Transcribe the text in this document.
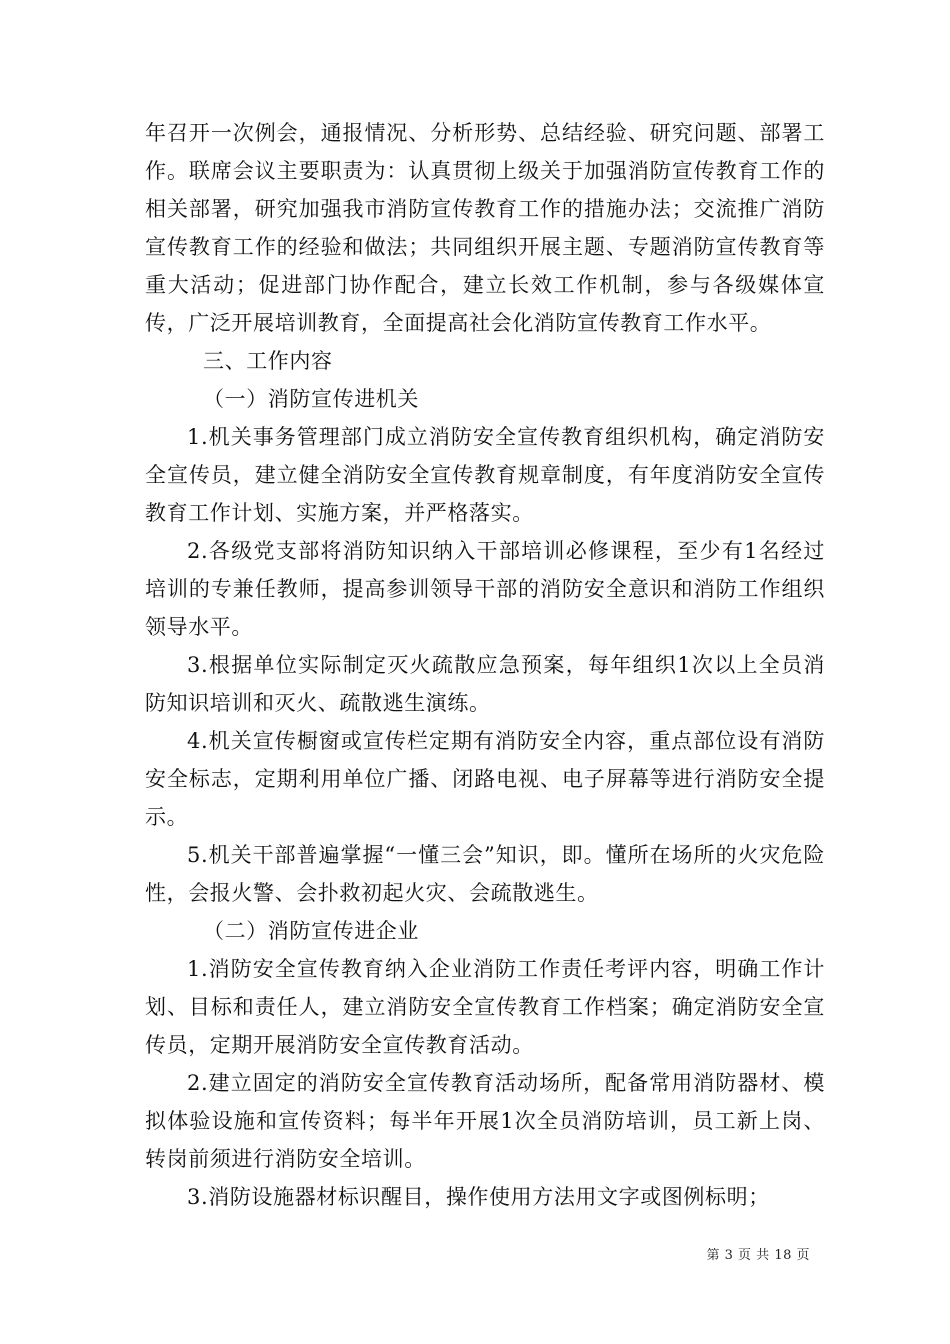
年召开一次例会，通报情况、分析形势、总结经验、研究问题、部署工作。联席会议主要职责为：认真贯彻上级关于加强消防宣传教育工作的相关部署，研究加强我市消防宣传教育工作的措施办法；交流推广消防宣传教育工作的经验和做法；共同组织开展主题、专题消防宣传教育等重大活动；促进部门协作配合，建立长效工作机制，参与各级媒体宣传，广泛开展培训教育，全面提高社会化消防宣传教育工作水平。

三、工作内容

（一）消防宣传进机关

1.机关事务管理部门成立消防安全宣传教育组织机构，确定消防安全宣传员，建立健全消防安全宣传教育规章制度，有年度消防安全宣传教育工作计划、实施方案，并严格落实。

2.各级党支部将消防知识纳入干部培训必修课程，至少有1名经过培训的专兼任教师，提高参训领导干部的消防安全意识和消防工作组织领导水平。

3.根据单位实际制定灭火疏散应急预案，每年组织1次以上全员消防知识培训和灭火、疏散逃生演练。

4.机关宣传橱窗或宣传栏定期有消防安全内容，重点部位设有消防安全标志，定期利用单位广播、闭路电视、电子屏幕等进行消防安全提示。

5.机关干部普遍掌握“一懂三会”知识，即。懂所在场所的火灾危险性，会报火警、会扑救初起火灾、会疏散逃生。

（二）消防宣传进企业

1.消防安全宣传教育纳入企业消防工作责任考评内容，明确工作计划、目标和责任人，建立消防安全宣传教育工作档案；确定消防安全宣传员，定期开展消防安全宣传教育活动。

2.建立固定的消防安全宣传教育活动场所，配备常用消防器材、模拟体验设施和宣传资料；每半年开展1次全员消防培训，员工新上岗、转岗前须进行消防安全培训。

3.消防设施器材标识醒目，操作使用方法用文字或图例标明；

第 3 页 共 18 页
